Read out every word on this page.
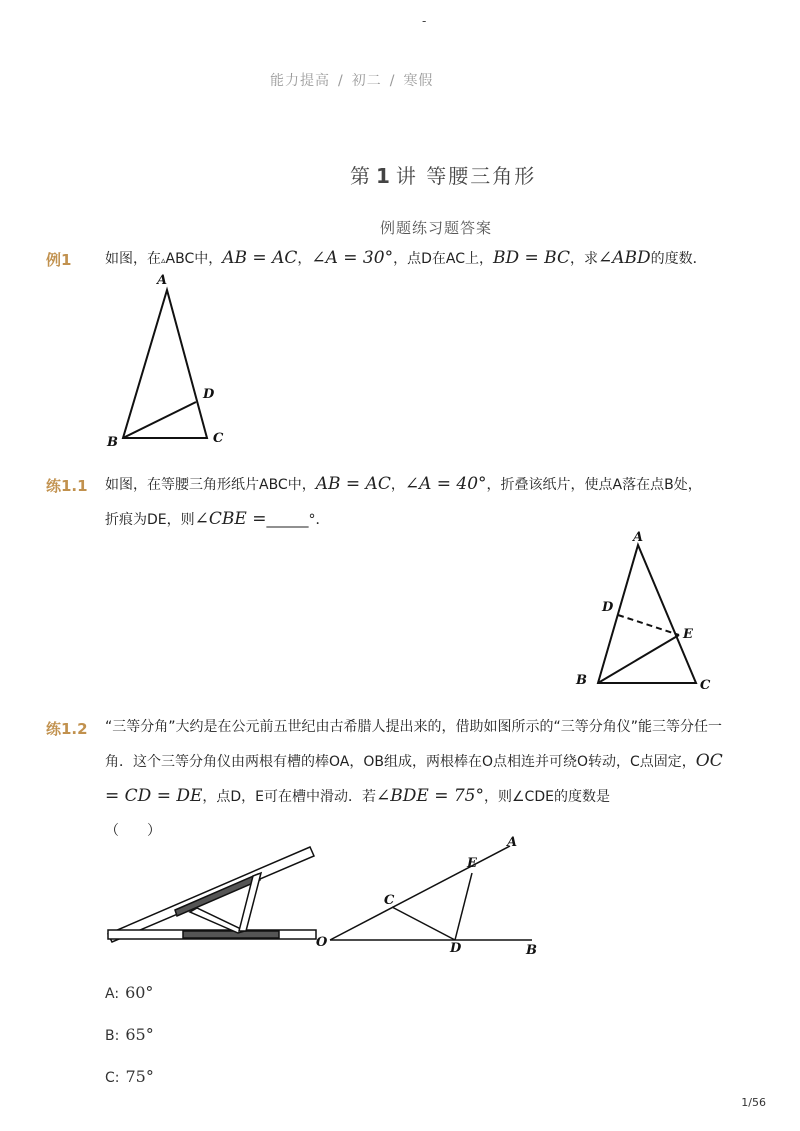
-
能力提高 / 初二 / 寒假
第 1 讲 等腰三角形
例题练习题答案
例1 如图，在▵ABC中，AB = AC，∠A = 30°，点D在AC上，BD = BC，求∠ABD的度数．
A
B	C
D
练1.1 如图，在等腰三角形纸片ABC中，AB = AC，∠A = 40°，折叠该纸片，使点A落在点B处，
折痕为DE，则∠CBE =______°．
A
B	C
D
E
练1.2 “三等分角”大约是在公元前五世纪由古希腊人提出来的，借助如图所示的“三等分角仪”能三等分任一角．这个三等分角仪由两根有槽的棒OA，OB组成，两根棒在O点相连并可绕O转动，C点固定，OC = CD = DE，点D，E可在槽中滑动．若∠BDE = 75°，则∠CDE的度数是
（　　）
O
A
B
C
D
E
A: 60°
B: 65°
C: 75°
1/56
